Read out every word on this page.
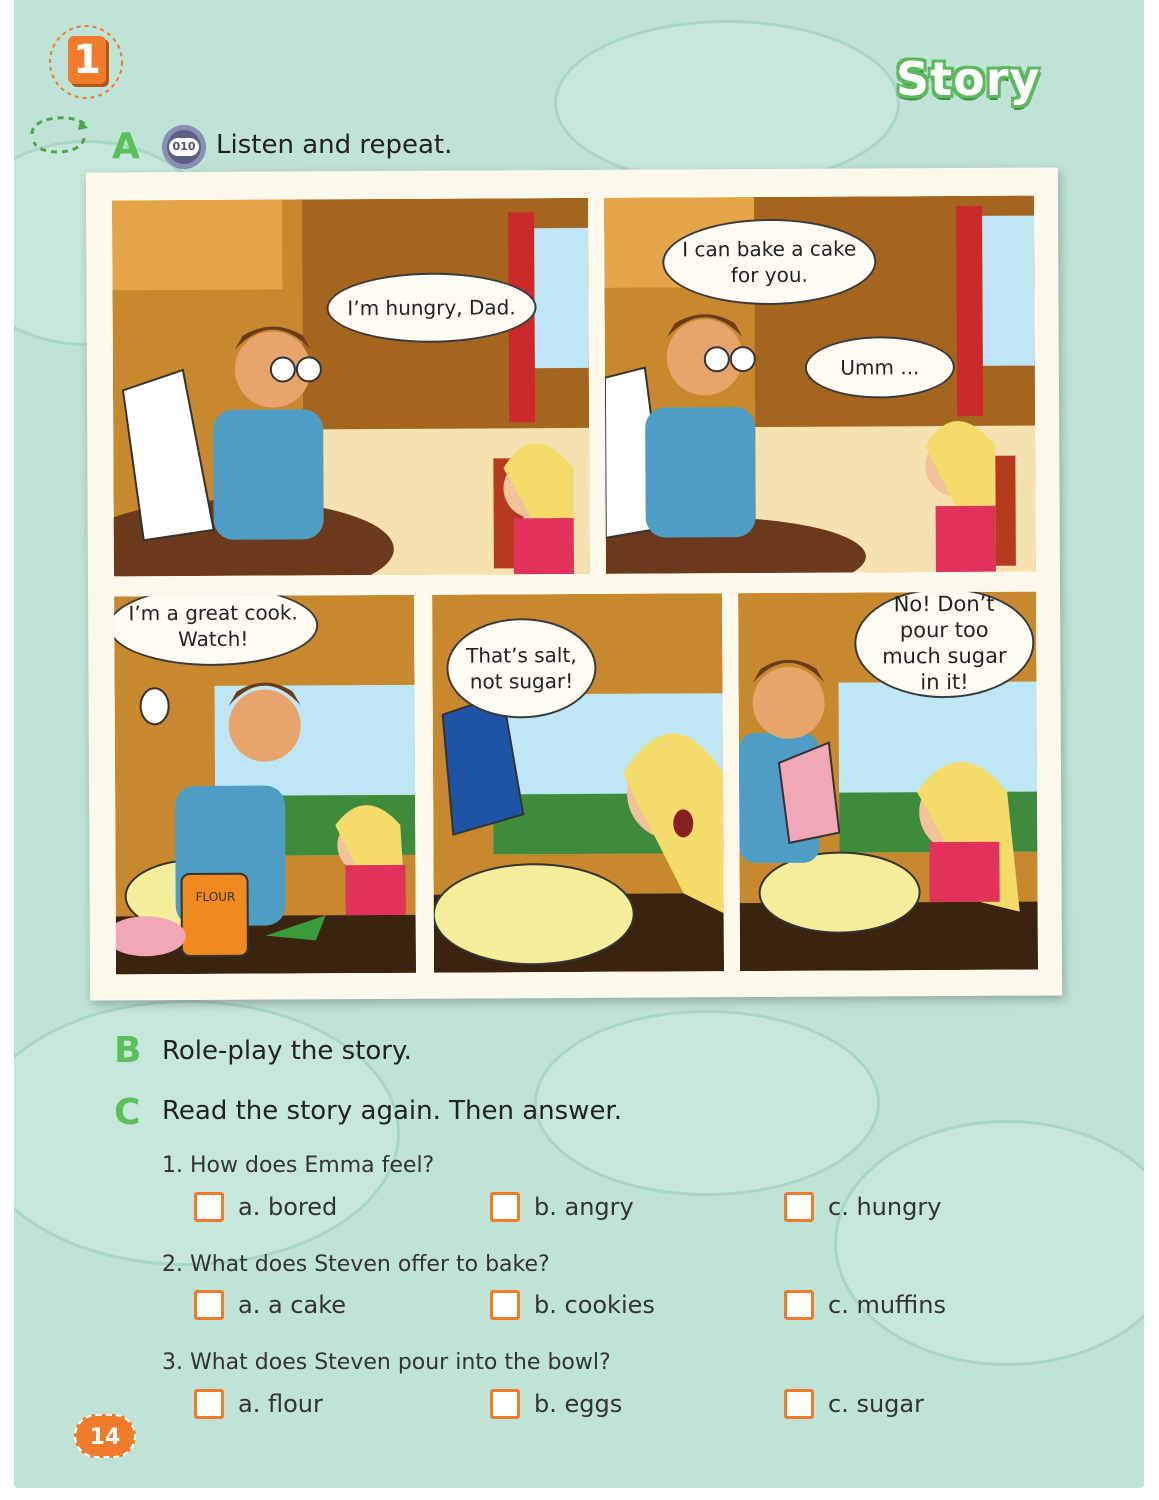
1	Story
A	010 Listen and repeat.
I’m hungry, Dad.
I can bake a cake for you.
Umm ...
FLOUR
I’m a great cook. Watch!
That’s salt, not sugar!
No! Don’t pour too much sugar in it!
B Role-play the story.
C Read the story again. Then answer.
1. How does Emma feel?
a. bored	b. angry	c. hungry
2. What does Steven offer to bake?
a. a cake	b. cookies	c. muffins
3. What does Steven pour into the bowl?
a. flour	b. eggs	c. sugar
14
